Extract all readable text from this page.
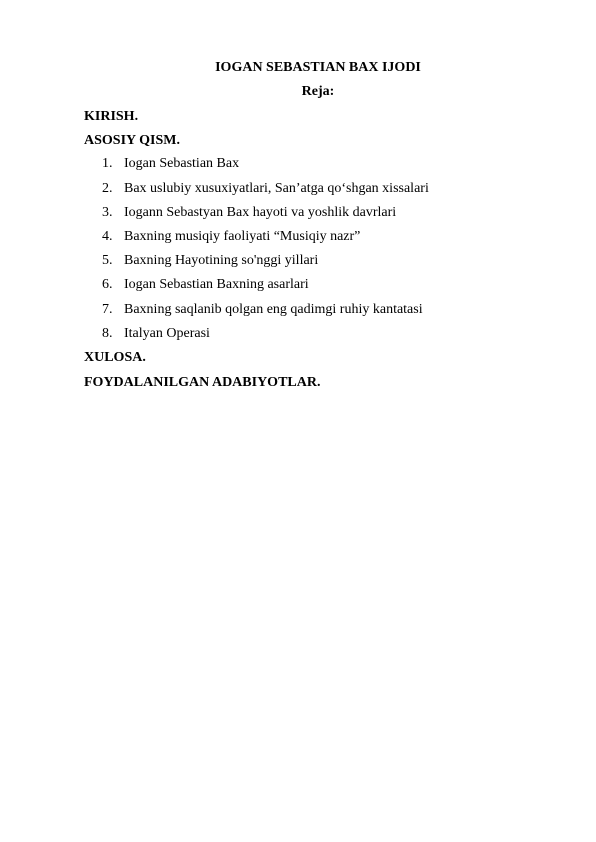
IOGAN SEBASTIAN BAX IJODI
Reja:
KIRISH.
ASOSIY QISM.
1. Iogan Sebastian Bax
2. Bax uslubiy xusuxiyatlari, San’atga qo‘shgan xissalari
3. Iogann Sebastyan Bax hayoti va yoshlik davrlari
4. Baxning musiqiy faoliyati “Musiqiy nazr”
5. Baxning Hayotining so'nggi yillari
6. Iogan Sebastian Baxning asarlari
7. Baxning saqlanib qolgan eng qadimgi ruhiy kantatasi
8. Italyan Operasi
XULOSA.
FOYDALANILGAN ADABIYOTLAR.
